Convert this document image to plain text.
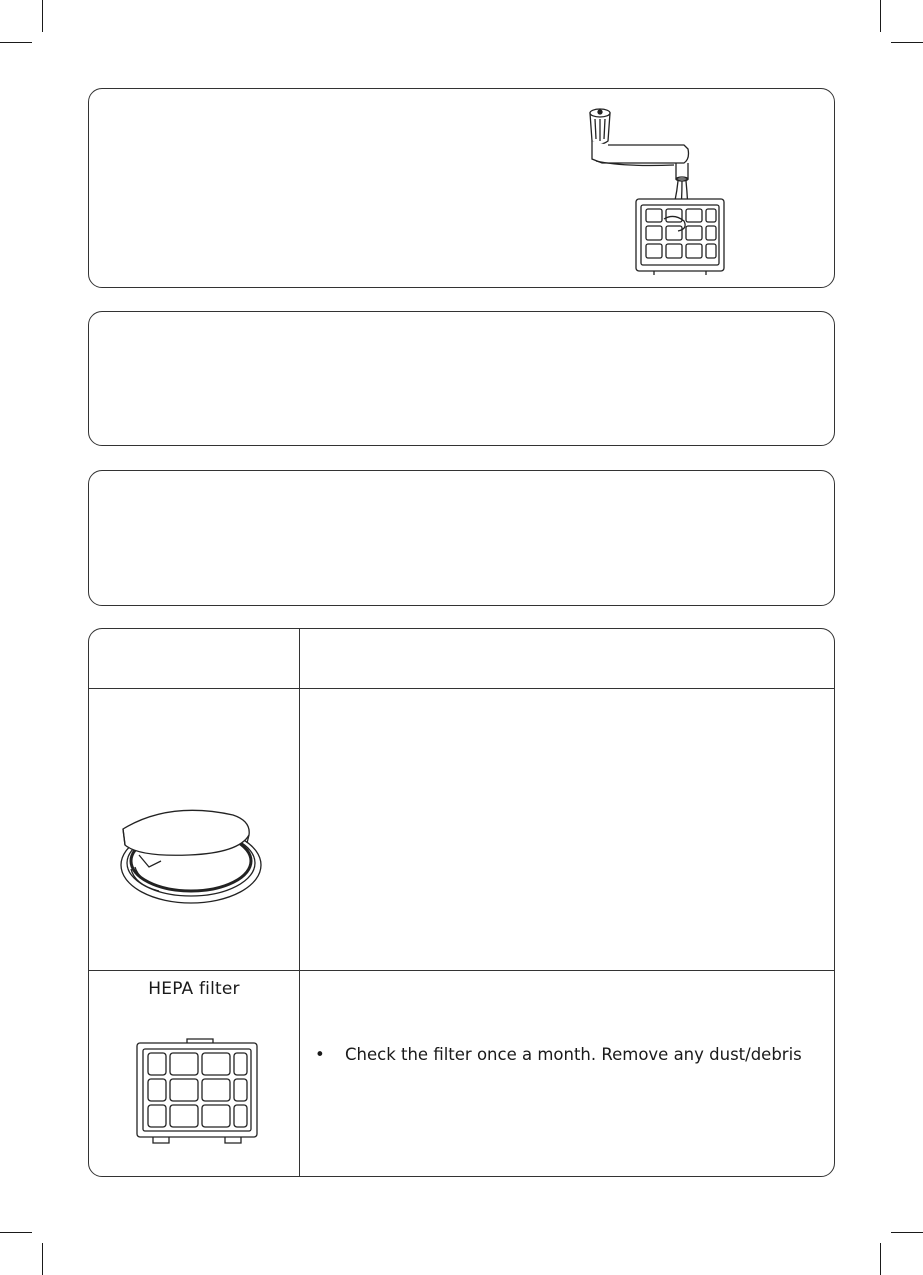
HEPA filter
• Check the filter once a month. Remove any dust/debris
